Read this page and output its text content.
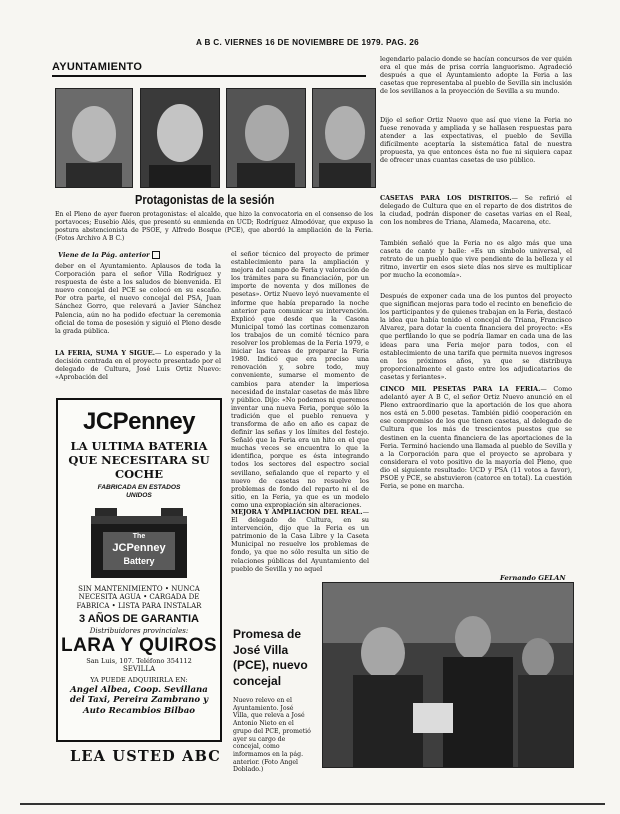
A B C. VIERNES 16 DE NOVIEMBRE DE 1979. PAG. 26
AYUNTAMIENTO
Protagonistas de la sesión
En el Pleno de ayer fueron protagonistas: el alcalde, que hizo la convocatoria en el consenso de los portavoces; Eusebio Alés, que presentó su enmienda en UCD; Rodríguez Almodóvar, que expuso la postura abstencionista de PSOE, y Alfredo Bosque (PCE), que abordó la ampliación de la Feria. (Fotos Archivo A B C.)
Viene de la Pág. anterior
deber en el Ayuntamiento. Aplausos de toda la Corporación para el señor Villa Rodríguez y respuesta de éste a los saludos de bienvenida. El nuevo concejal del PCE se colocó en su escaño. Por otra parte, el nuevo concejal del PSA, Juan Sánchez Gorro, que relevará a Javier Sánchez Palencia, aún no ha podido efectuar la ceremonia oficial de toma de posesión y siguió el Pleno desde la grada pública.
LA FERIA, SUMA Y SIGUE.— Lo esperado y la decisión centrada en el proyecto presentado por el delegado de Cultura, José Luis Ortiz Nuevo: «Aprobación del
el señor técnico del proyecto de primer establecimiento para la ampliación y mejora del campo de Feria y valoración de los trámites para su financiación, por un importe de noventa y dos millones de pesetas». Ortiz Nuevo leyó nuevamente el informe que había preparado la noche anterior para comunicar su intervención. Explicó que desde que la Casona Municipal tomó las cortinas comenzaron los trabajos de un comité técnico para resolver los problemas de la Feria 1979, e iniciar las tareas de preparar la Feria 1980. Indicó que era preciso una renovación y, sobre todo, muy conveniente, sumarse el momento de cambios para atender la imperiosa necesidad de instalar casetas de más libre y público. Dijo: «No podemos ni queremos inventar una nueva Feria, porque sólo la tradición que el pueblo renueva y transforma de año en año es capaz de definir las señas y los límites del festejo. Señaló que la Feria era un hito en el que muchas veces se encuentra lo que la identifica, porque es ésta integrando todos los sectores del espectro social sevillano, señalando que el reparto y el nuevo de casetas no resuelve los problemas de fondo del reparto ni el de sitio, en la Feria, ya que es un modelo como una expropiación sin alteraciones.
MEJORA Y AMPLIACION DEL REAL.— El delegado de Cultura, en su intervención, dijo que la Feria es un patrimonio de la Casa Libre y la Caseta Municipal no resuelve los problemas de fondo, ya que no sólo resulta un sitio de relaciones públicas del Ayuntamiento del pueblo de Sevilla y no aquel
legendario palacio donde se hacían concursos de ver quién era el que más de prisa corría languorismo. Agradeció después a que el Ayuntamiento adopte la Feria a las casetas que representaba al pueblo de Sevilla sin inclusión de los sevillanos a la proyección de Sevilla a su mundo.
Dijo el señor Ortiz Nuevo que así que viene la Feria no fuese renovada y ampliada y se hallasen respuestas para atender a las expectativas, el pueblo de Sevilla difícilmente aceptaría la sistemática fatal de nuestra propuesta, ya que entonces ésta no fue ni siquiera capaz de ofrecer unas cuantas casetas de uso público.
CASETAS PARA LOS DISTRITOS.— Se refirió el delegado de Cultura que en el reparto de dos distritos de la ciudad, podrán disponer de casetas varias en el Real, con los nombres de Triana, Alameda, Macarena, etc.
También señaló que la Feria no es algo más que una caseta de cante y baile: «Es un símbolo universal, el retrato de un pueblo que vive pendiente de la belleza y el ritmo, invertir en esos siete días nos sirve es multiplicar por mucho la economía».
Después de exponer cada una de los puntos del proyecto que significan mejoras para todo el recinto en beneficio de los participantes y de quienes trabajan en la Feria, destacó la idea que había tenido el concejal de Triana, Francisco Alvarez, para dotar la cuenta financiera del proyecto: «Es que perfilando lo que se podría llamar en cada una de las ideas para una Feria mejor para todos, con el establecimiento de una tarifa que permita nuevos ingresos en los próximos años, ya que se distribuya proporcionalmente el gasto entre los adjudicatarios de casetas y feriantes».
CINCO MIL PESETAS PARA LA FERIA.— Como adelantó ayer A B C, el señor Ortiz Nuevo anunció en el Pleno extraordinario que la aportación de los que ahora nos está en 5.000 pesetas. También pidió cooperación en ese compromiso de los que tienen casetas, al delegado de Cultura que los más de trescientos puestos que se destinen en la cuenta financiera de las aportaciones de la Feria. Terminó haciendo una llamada al pueblo de Sevilla y a la Corporación para que el proyecto se aprobara y considerara el voto positivo de la mayoría del Pleno, que dio el siguiente resultado: UCD y PSA (11 votos a favor), PSOE y PCE, se abstuvieron (catorce en total). La cuestión Feria, se pone en marcha.
Fernando GELAN
JCPenney
LA ULTIMA BATERIA
QUE NECESITARA SU
COCHE
FABRICADA EN ESTADOS UNIDOS
The
JCPenney
Battery
SIN MANTENIMIENTO • NUNCA NECESITA AGUA • CARGADA DE FABRICA • LISTA PARA INSTALAR
3 AÑOS DE GARANTIA
Distribuidores provinciales:
LARA Y QUIROS
San Luis, 107. Teléfono 354112
SEVILLA
YA PUEDE ADQUIRIRLA EN:
Angel Albea, Coop. Sevillana del Taxi, Pereira Zambrano y Auto Recambios Bilbao
LEA USTED ABC
Promesa de José Villa (PCE), nuevo concejal
Nuevo relevo en el Ayuntamiento. José Villa, que releva a José Antonio Nieto en el grupo del PCE, prometió ayer su cargo de concejal, como informamos en la pág. anterior. (Foto Angel Doblado.)
